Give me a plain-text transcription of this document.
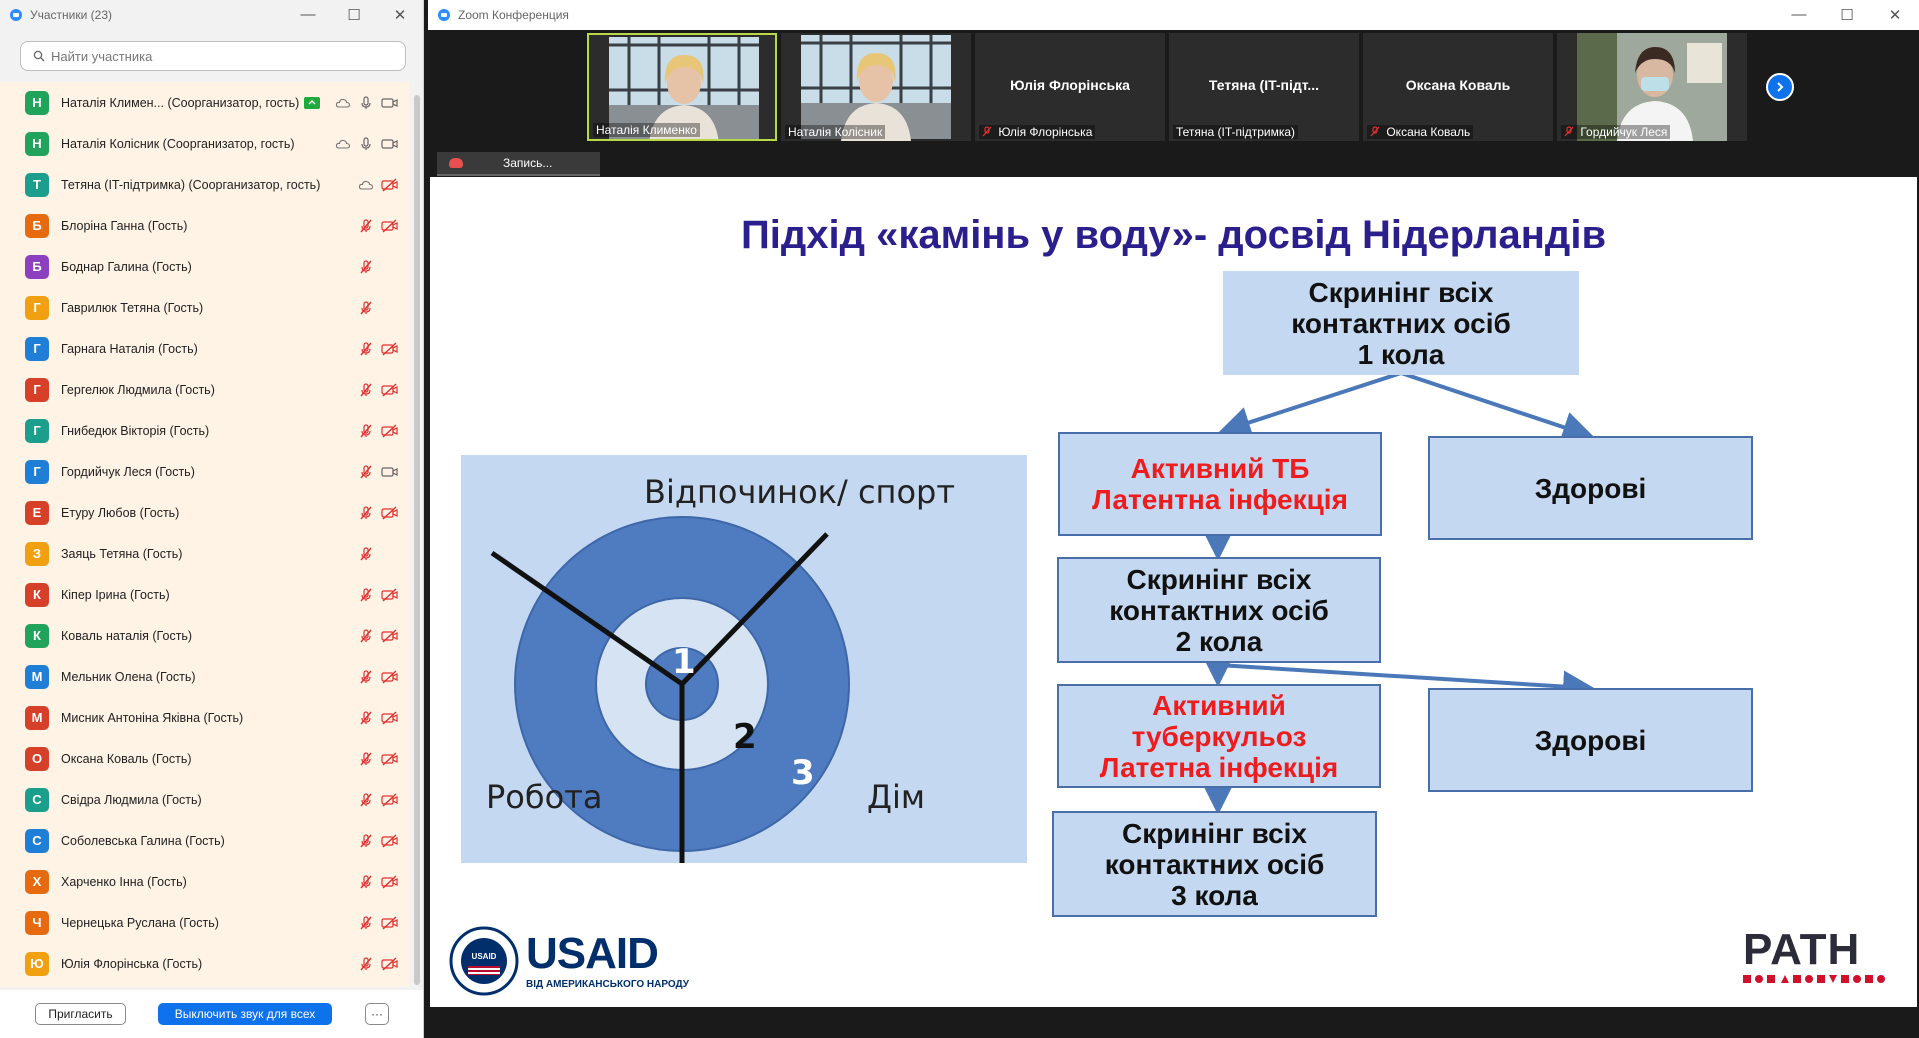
Участники (23)	—	☐	✕
Найти участника
Н	Наталія Климен... (Соорганизатор, гость)
Н	Наталія Колісник (Соорганизатор, гость)
Т	Тетяна (IT-підтримка) (Соорганизатор, гость)
Б	Блоріна Ганна (Гость)
Б	Боднар Галина (Гость)
Г	Гаврилюк Тетяна (Гость)
Г	Гарнага Наталія (Гость)
Г	Гергелюк Людмила (Гость)
Г	Гнибедюк Вікторія (Гость)
Г	Гордийчук Леся (Гость)
Е	Етуру Любов (Гость)
З	Заяць Тетяна (Гость)
К	Кіпер Ірина (Гость)
К	Коваль наталія (Гость)
М	Мельник Олена (Гость)
М	Мисник Антоніна Яківна (Гость)
О	Оксана Коваль (Гость)
С	Свідра Людмила (Гость)
С	Соболевська Галина (Гость)
Х	Харченко Інна (Гость)
Ч	Чернецька Руслана (Гость)
Ю	Юлія Флорінська (Гость)
Пригласить	Выключить звук для всех	···
Zoom Конференция	—	☐	✕
Наталія Клименко	Наталія Колісник
Юлія Флорінська
Юлія Флорінська
Тетяна (IT-підт...
Тетяна (IT-підтримка)
Оксана Коваль
Оксана Коваль	Гордийчук Леся
Запись...
Підхід «камінь у воду»- досвід Нідерландів
Скринінг всіх
контактних осіб
1 кола
Активний ТБ
Латентна інфекція	Здорові
Скринінг всіх
контактних осіб
2 кола
Активний
туберкульоз
Латетна інфекція
Здорові
Скринінг всіх
контактних осіб
3 кола
Відпочинок/ спорт
Робота	Дім
1
2
3
USAID USAID
ВІД АМЕРИКАНСЬКОГО НАРОДУ
PATH
